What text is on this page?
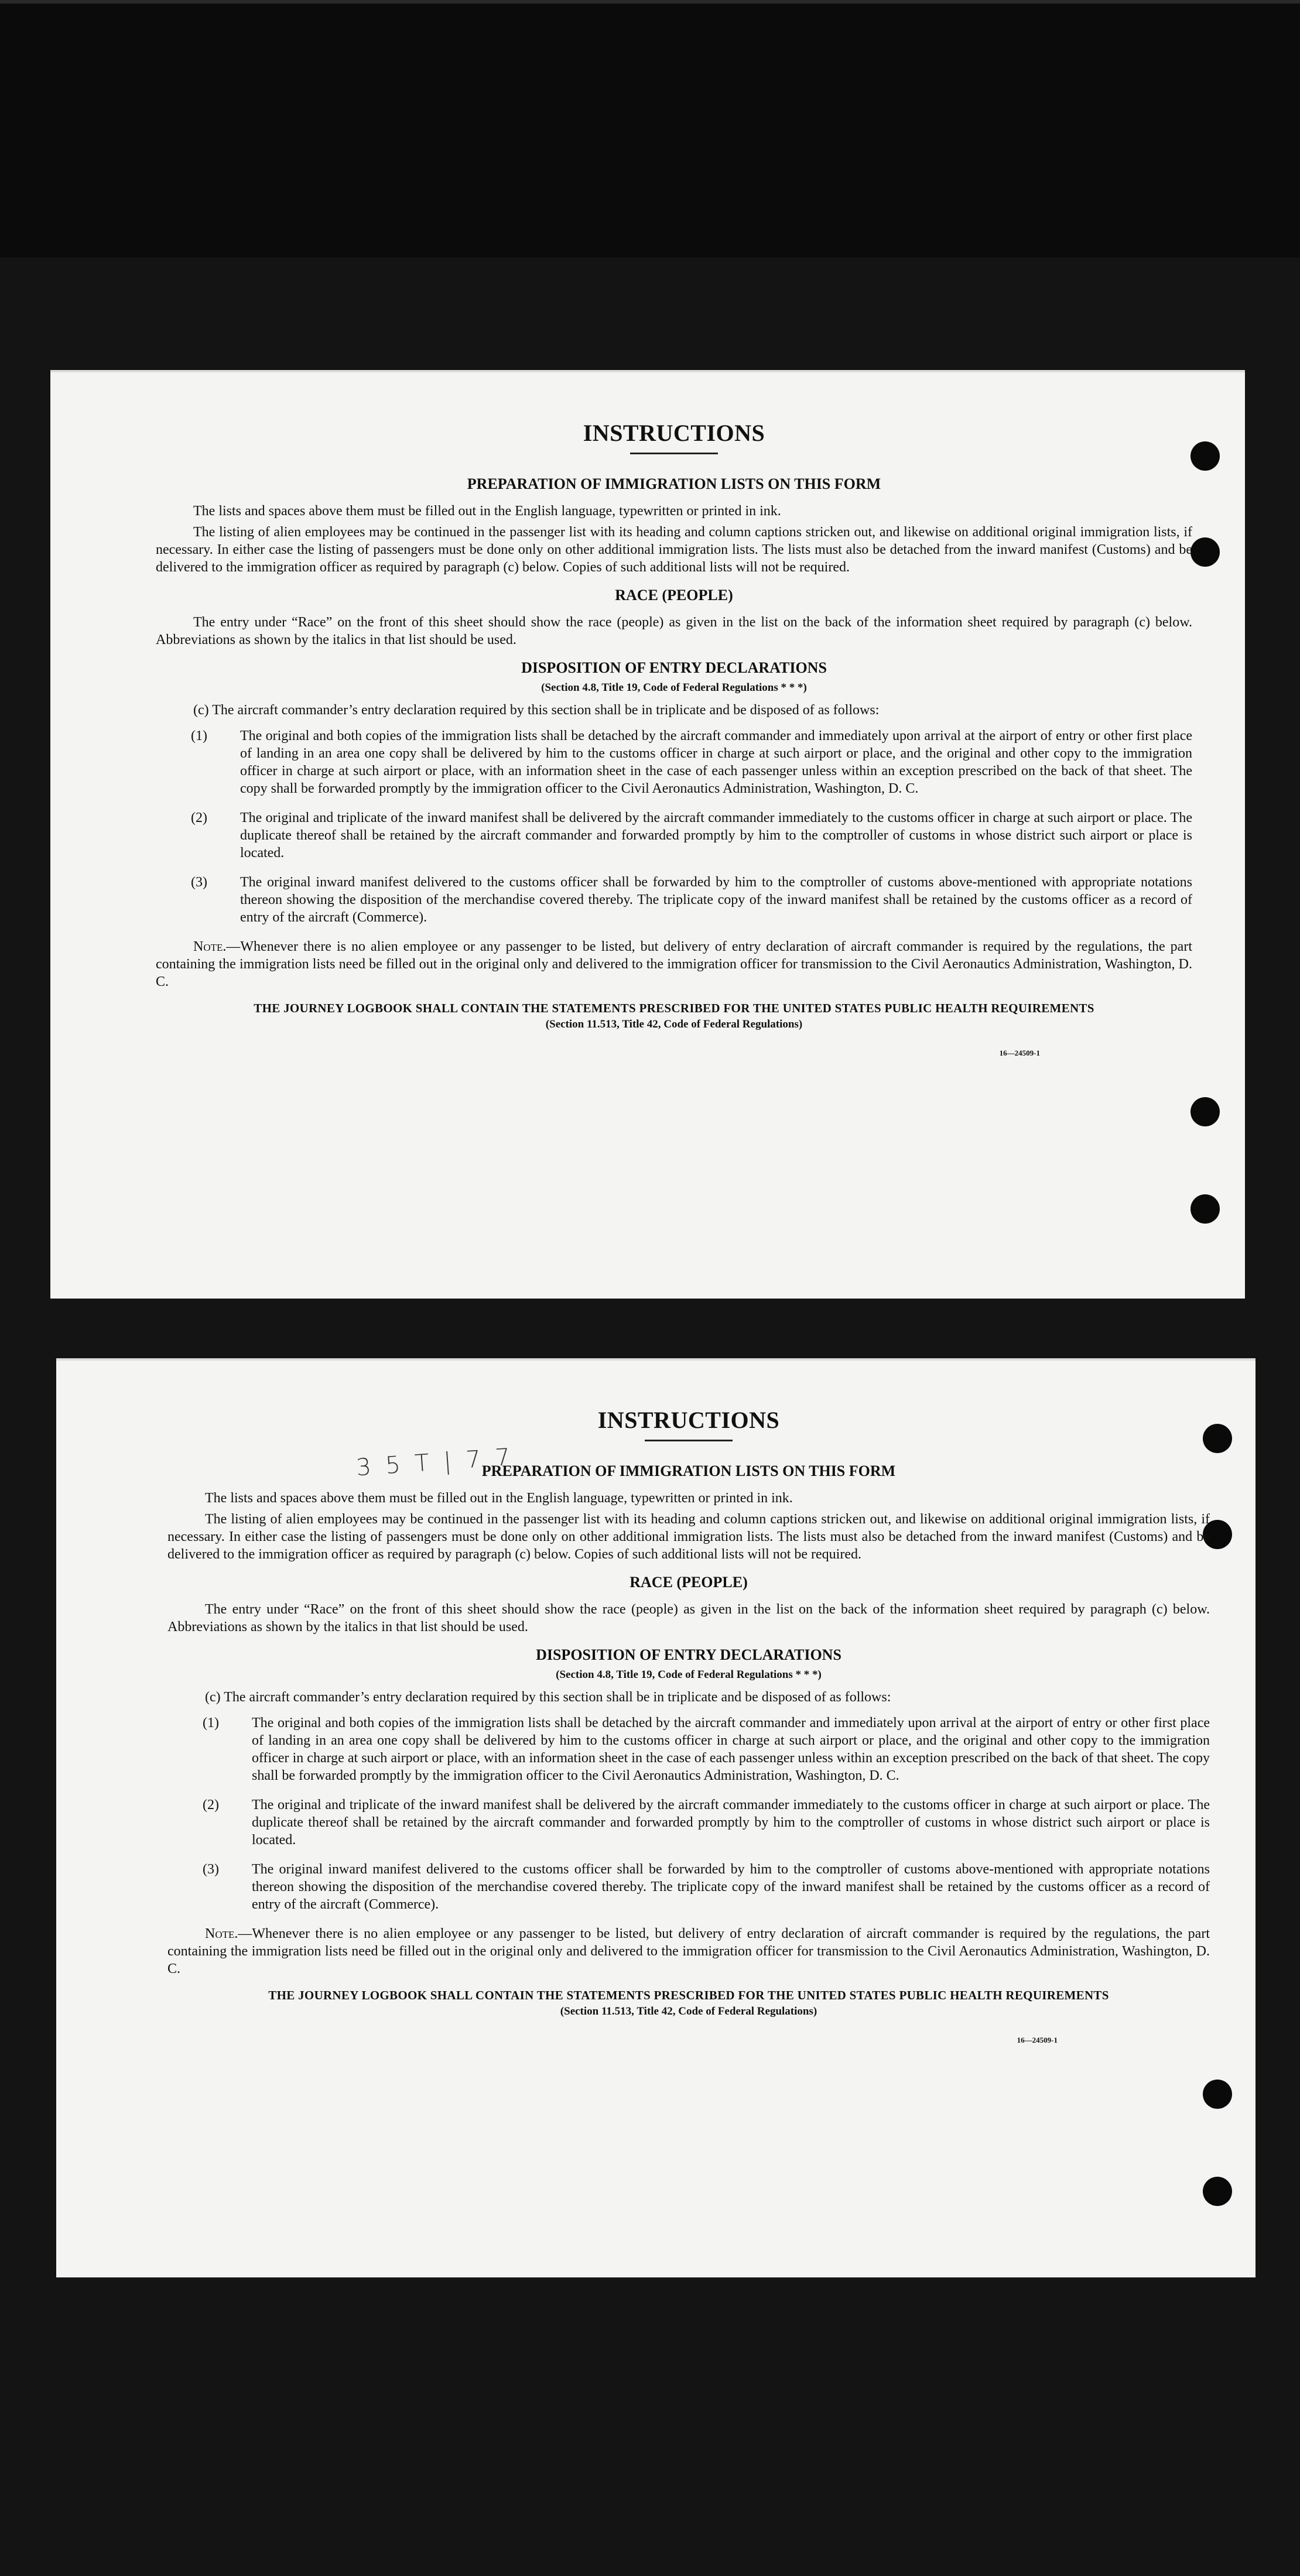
INSTRUCTIONS
PREPARATION OF IMMIGRATION LISTS ON THIS FORM

The lists and spaces above them must be filled out in the English language, typewritten or printed in ink.

The listing of alien employees may be continued in the passenger list with its heading and column captions stricken out, and likewise on additional original immigration lists, if necessary. In either case the listing of passengers must be done only on other additional immigration lists. The lists must also be detached from the inward manifest (Customs) and be delivered to the immigration officer as required by paragraph (c) below. Copies of such additional lists will not be required.

RACE (PEOPLE)

The entry under “Race” on the front of this sheet should show the race (people) as given in the list on the back of the information sheet required by paragraph (c) below. Abbreviations as shown by the italics in that list should be used.

DISPOSITION OF ENTRY DECLARATIONS
(Section 4.8, Title 19, Code of Federal Regulations * * *)

(c) The aircraft commander’s entry declaration required by this section shall be in triplicate and be disposed of as follows:

(1) The original and both copies of the immigration lists shall be detached by the aircraft commander and immediately upon arrival at the airport of entry or other first place of landing in an area one copy shall be delivered by him to the customs officer in charge at such airport or place, and the original and other copy to the immigration officer in charge at such airport or place, with an information sheet in the case of each passenger unless within an exception prescribed on the back of that sheet. The copy shall be forwarded promptly by the immigration officer to the Civil Aeronautics Administration, Washington, D. C.
(2) The original and triplicate of the inward manifest shall be delivered by the aircraft commander immediately to the customs officer in charge at such airport or place. The duplicate thereof shall be retained by the aircraft commander and forwarded promptly by him to the comptroller of customs in whose district such airport or place is located.
(3) The original inward manifest delivered to the customs officer shall be forwarded by him to the comptroller of customs above-mentioned with appropriate notations thereon showing the disposition of the merchandise covered thereby. The triplicate copy of the inward manifest shall be retained by the customs officer as a record of entry of the aircraft (Commerce).

Note.—Whenever there is no alien employee or any passenger to be listed, but delivery of entry declaration of aircraft commander is required by the regulations, the part containing the immigration lists need be filled out in the original only and delivered to the immigration officer for transmission to the Civil Aeronautics Administration, Washington, D. C.

THE JOURNEY LOGBOOK SHALL CONTAIN THE STATEMENTS PRESCRIBED FOR THE UNITED STATES PUBLIC HEALTH REQUIREMENTS
(Section 11.513, Title 42, Code of Federal Regulations)
16—24509-1
3 5 T | 7 7
INSTRUCTIONS
PREPARATION OF IMMIGRATION LISTS ON THIS FORM

The lists and spaces above them must be filled out in the English language, typewritten or printed in ink.

The listing of alien employees may be continued in the passenger list with its heading and column captions stricken out, and likewise on additional original immigration lists, if necessary. In either case the listing of passengers must be done only on other additional immigration lists. The lists must also be detached from the inward manifest (Customs) and be delivered to the immigration officer as required by paragraph (c) below. Copies of such additional lists will not be required.

RACE (PEOPLE)

The entry under “Race” on the front of this sheet should show the race (people) as given in the list on the back of the information sheet required by paragraph (c) below. Abbreviations as shown by the italics in that list should be used.

DISPOSITION OF ENTRY DECLARATIONS
(Section 4.8, Title 19, Code of Federal Regulations * * *)

(c) The aircraft commander’s entry declaration required by this section shall be in triplicate and be disposed of as follows:

(1) The original and both copies of the immigration lists shall be detached by the aircraft commander and immediately upon arrival at the airport of entry or other first place of landing in an area one copy shall be delivered by him to the customs officer in charge at such airport or place, and the original and other copy to the immigration officer in charge at such airport or place, with an information sheet in the case of each passenger unless within an exception prescribed on the back of that sheet. The copy shall be forwarded promptly by the immigration officer to the Civil Aeronautics Administration, Washington, D. C.
(2) The original and triplicate of the inward manifest shall be delivered by the aircraft commander immediately to the customs officer in charge at such airport or place. The duplicate thereof shall be retained by the aircraft commander and forwarded promptly by him to the comptroller of customs in whose district such airport or place is located.
(3) The original inward manifest delivered to the customs officer shall be forwarded by him to the comptroller of customs above-mentioned with appropriate notations thereon showing the disposition of the merchandise covered thereby. The triplicate copy of the inward manifest shall be retained by the customs officer as a record of entry of the aircraft (Commerce).

Note.—Whenever there is no alien employee or any passenger to be listed, but delivery of entry declaration of aircraft commander is required by the regulations, the part containing the immigration lists need be filled out in the original only and delivered to the immigration officer for transmission to the Civil Aeronautics Administration, Washington, D. C.

THE JOURNEY LOGBOOK SHALL CONTAIN THE STATEMENTS PRESCRIBED FOR THE UNITED STATES PUBLIC HEALTH REQUIREMENTS
(Section 11.513, Title 42, Code of Federal Regulations)
16—24509-1
